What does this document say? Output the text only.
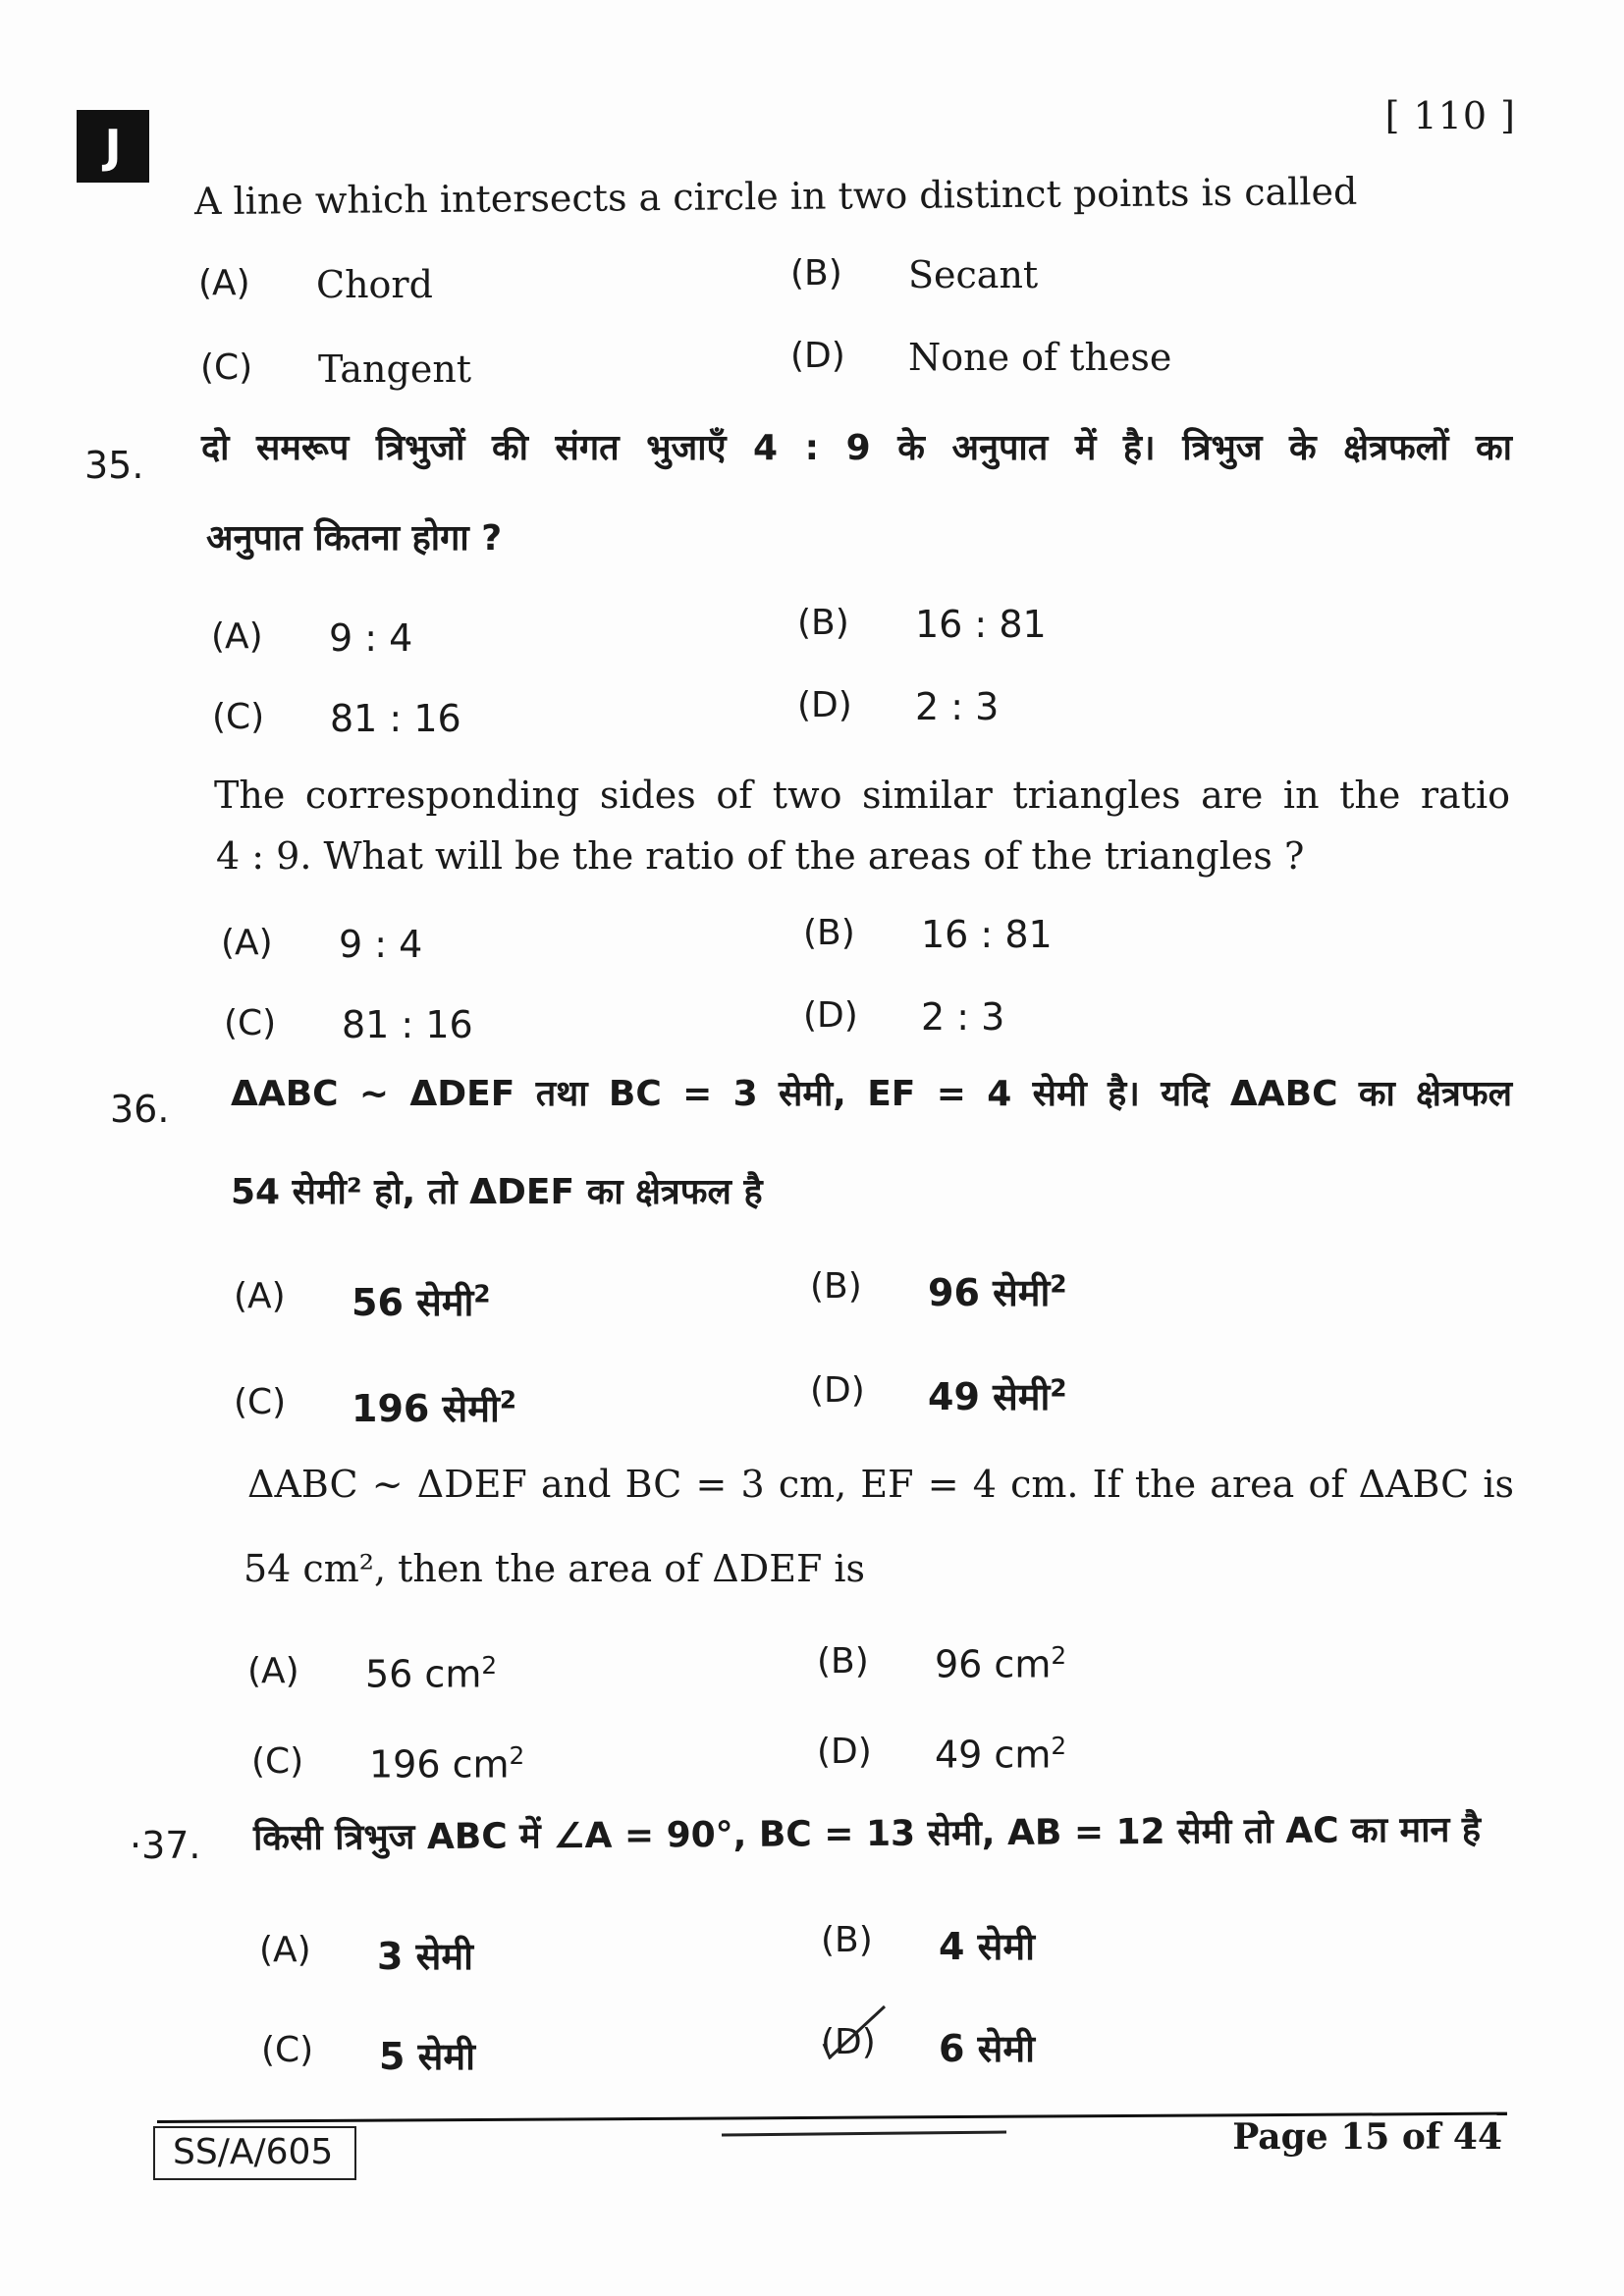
J
[ 110 ]
A line which intersects a circle in two distinct points is called
(A)	Chord	(B)	Secant
(C)	Tangent	(D)	None of these
35. दो समरूप त्रिभुजों की संगत भुजाएँ 4 : 9 के अनुपात में है। त्रिभुज के क्षेत्रफलों का
अनुपात कितना होगा ?
(A)	9 : 4	(B)	16 : 81
(C)	81 : 16	(D)	2 : 3
The corresponding sides of two similar triangles are in the ratio
4 : 9. What will be the ratio of the areas of the triangles ?
(A)	9 : 4	(B)	16 : 81
(C)	81 : 16	(D)	2 : 3
36. ΔABC ~ ΔDEF तथा BC = 3 सेमी, EF = 4 सेमी है। यदि ΔABC का क्षेत्रफल
54 सेमी² हो, तो ΔDEF का क्षेत्रफल है
(A)	56 सेमी$^2$	(B)	96 सेमी$^2$
(C)	196 सेमी$^2$	(D)	49 सेमी$^2$
ΔABC ~ ΔDEF and BC = 3 cm, EF = 4 cm. If the area of ΔABC is
54 cm², then the area of ΔDEF is
(A)	56 $cm^2$	(B)	96 $cm^2$
(C)	196 $cm^2$	(D)	49 $cm^2$
·37. किसी त्रिभुज ABC में ∠A = 90°, BC = 13 सेमी, AB = 12 सेमी तो AC का मान है
(A)	3 सेमी	(B)	4 सेमी
(C)	5 सेमी	(D)	6 सेमी
SS/A/605	Page 15 of 44
